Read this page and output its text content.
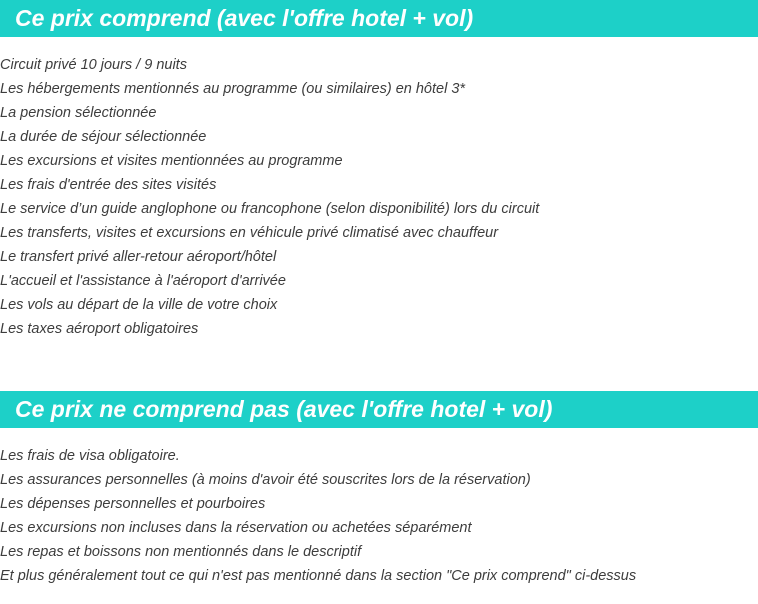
Ce prix comprend (avec l'offre hotel + vol)
Circuit privé 10 jours / 9 nuits
Les hébergements mentionnés au programme (ou similaires) en hôtel 3*
La pension sélectionnée
La durée de séjour sélectionnée
Les excursions et visites mentionnées au programme
Les frais d'entrée des sites visités
Le service d’un guide anglophone ou francophone (selon disponibilité) lors du circuit
Les transferts, visites et excursions en véhicule privé climatisé avec chauffeur
Le transfert privé aller-retour aéroport/hôtel
L'accueil et l'assistance à l'aéroport d'arrivée
Les vols au départ de la ville de votre choix
Les taxes aéroport obligatoires
Ce prix ne comprend pas (avec l'offre hotel + vol)
Les frais de visa obligatoire.
Les assurances personnelles (à moins d'avoir été souscrites lors de la réservation)
Les dépenses personnelles et pourboires
Les excursions non incluses dans la réservation ou achetées séparément
Les repas et boissons non mentionnés dans le descriptif
Et plus généralement tout ce qui n'est pas mentionné dans la section "Ce prix comprend" ci-dessus
